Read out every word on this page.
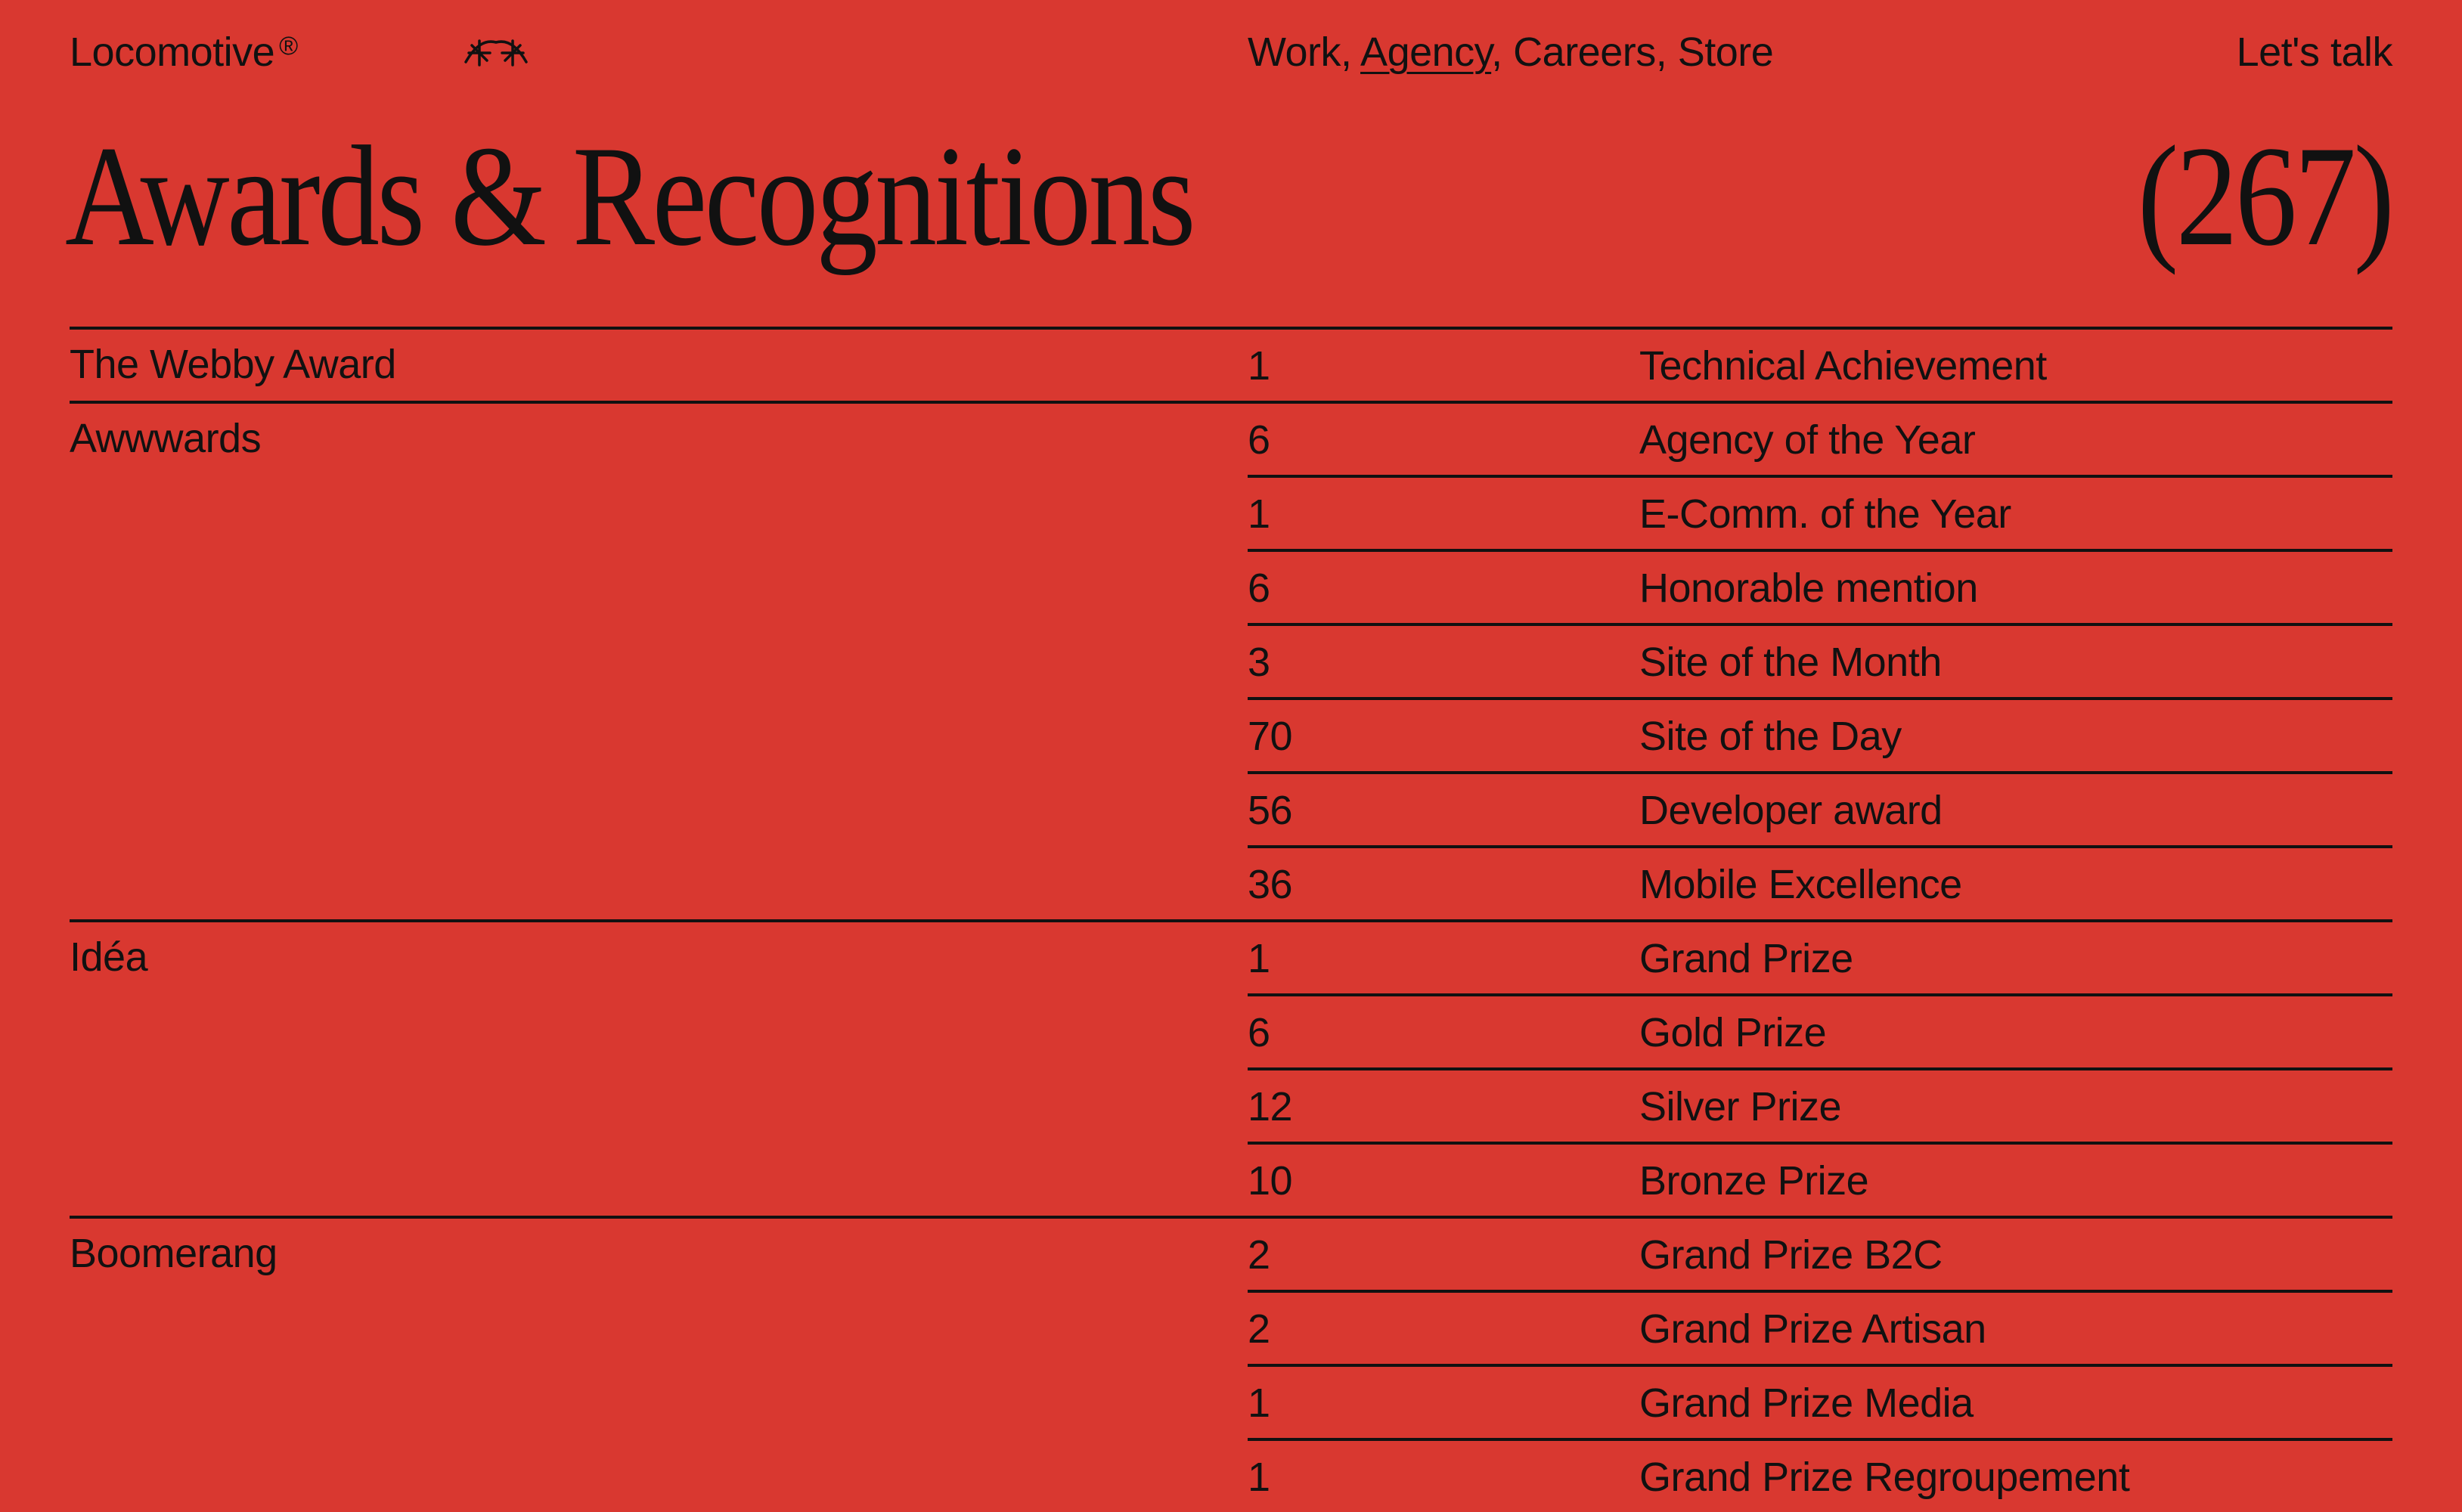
Locomotive ®	Work, Agency, Careers, Store	Let's talk
Awards & Recognitions	(267)
The Webby Award	1	Technical Achievement
Awwwards	6	Agency of the Year
1	E-Comm. of the Year
6	Honorable mention
3	Site of the Month
70	Site of the Day
56	Developer award
36	Mobile Excellence
Idéa	1	Grand Prize
6	Gold Prize
12	Silver Prize
10	Bronze Prize
Boomerang	2	Grand Prize B2C
2	Grand Prize Artisan
1	Grand Prize Media
1	Grand Prize Regroupement
